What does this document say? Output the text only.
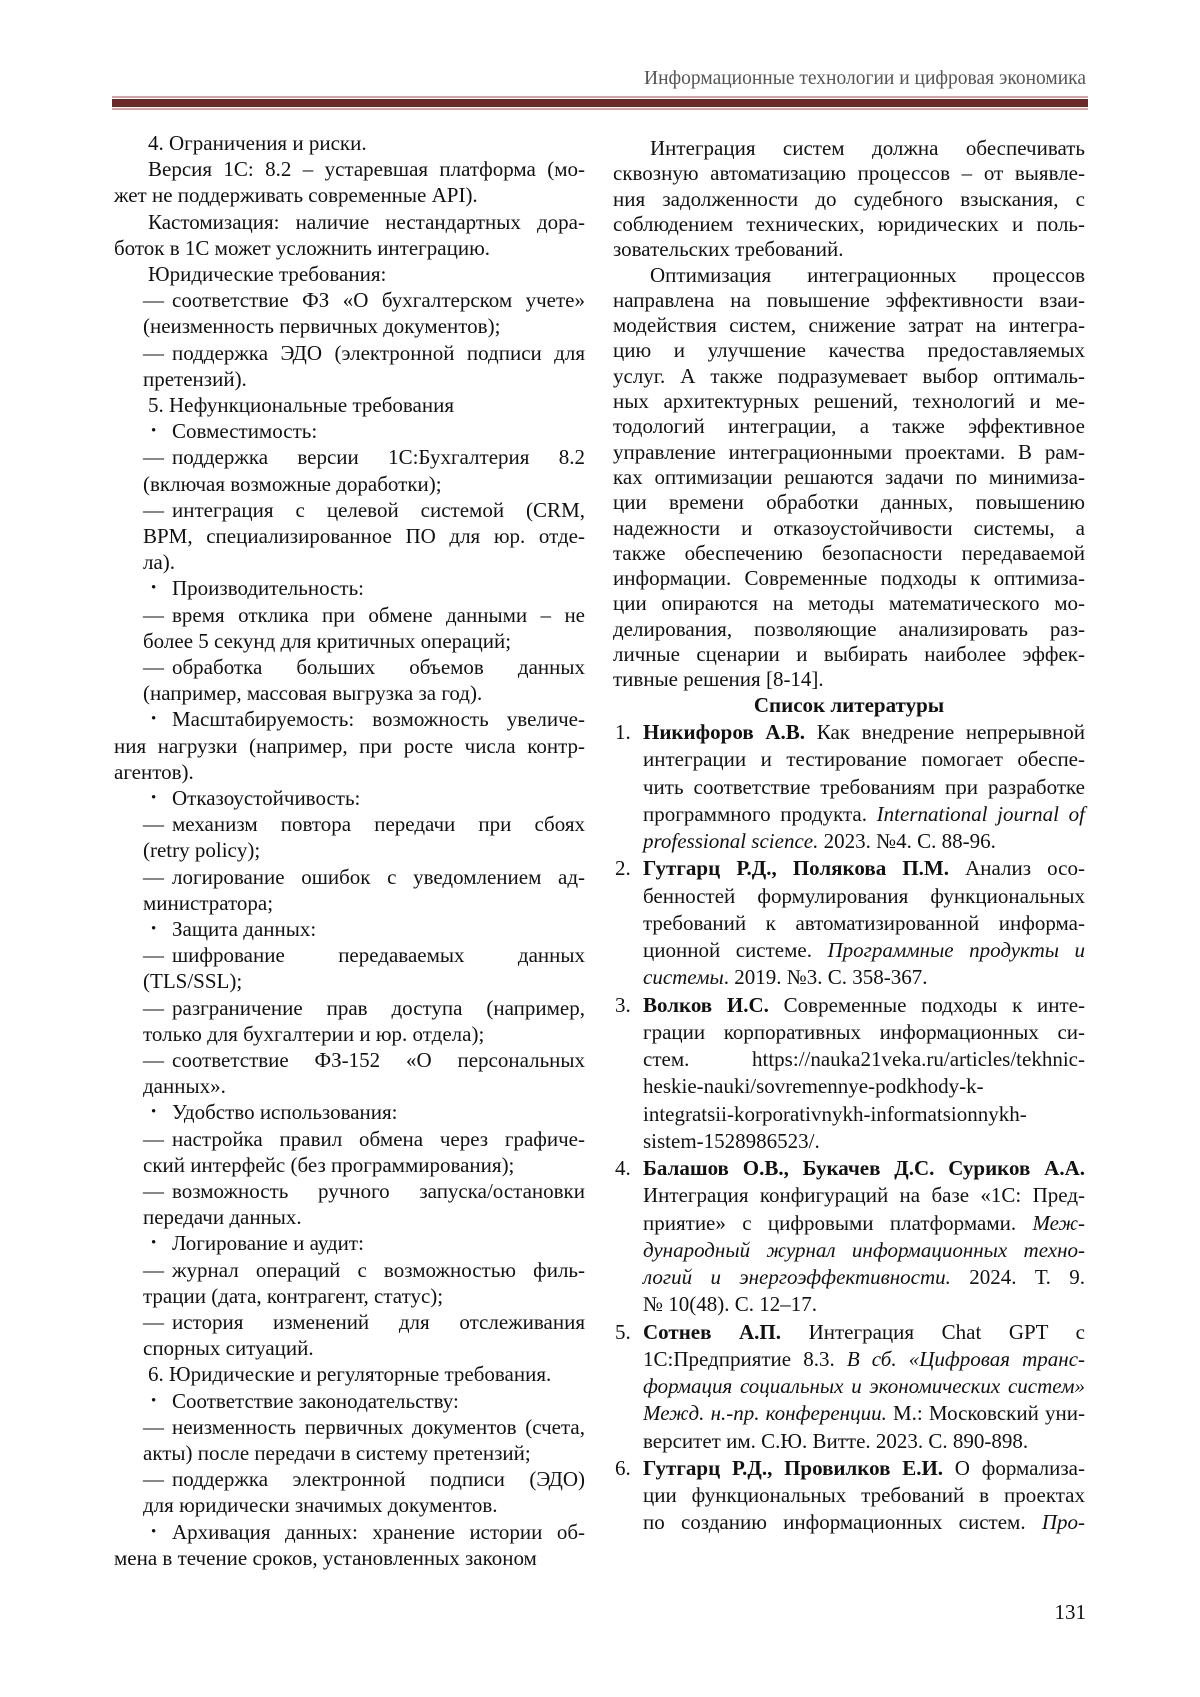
Информационные технологии и цифровая экономика
4. Ограничения и риски.
Версия 1С: 8.2 – устаревшая платформа (мо-
жет не поддерживать современные API).
Кастомизация: наличие нестандартных дора-
боток в 1С может усложнить интеграцию.
Юридические требования:
соответствие ФЗ «О бухгалтерском учете»
—
(неизменность первичных документов);
поддержка ЭДО (электронной подписи для
—
претензий).
5. Нефункциональные требования
Совместимость:
•
поддержка версии 1С:Бухгалтерия 8.2
—
(включая возможные доработки);
интеграция с целевой системой (CRM,
—
BPM, специализированное ПО для юр. отде-
ла).
Производительность:
•
время отклика при обмене данными – не
—
более 5 секунд для критичных операций;
обработка больших объемов данных
—
(например, массовая выгрузка за год).
Масштабируемость: возможность увеличе-
•
ния нагрузки (например, при росте числа контр-
агентов).
Отказоустойчивость:
•
механизм повтора передачи при сбоях
—
(retry policy);
логирование ошибок с уведомлением ад-
—
министратора;
Защита данных:
•
шифрование передаваемых данных
—
(TLS/SSL);
разграничение прав доступа (например,
—
только для бухгалтерии и юр. отдела);
соответствие ФЗ-152 «О персональных
—
данных».
Удобство использования:
•
настройка правил обмена через графиче-
—
ский интерфейс (без программирования);
возможность ручного запуска/остановки
—
передачи данных.
Логирование и аудит:
•
журнал операций с возможностью филь-
—
трации (дата, контрагент, статус);
история изменений для отслеживания
—
спорных ситуаций.
6. Юридические и регуляторные требования.
Соответствие законодательству:
•
неизменность первичных документов (счета,
—
акты) после передачи в систему претензий;
поддержка электронной подписи (ЭДО)
—
для юридически значимых документов.
Архивация данных: хранение истории об-
•
мена в течение сроков, установленных законом
Интеграция систем должна обеспечивать
сквозную автоматизацию процессов – от выявле-
ния задолженности до судебного взыскания, с
соблюдением технических, юридических и поль-
зовательских требований.
Оптимизация интеграционных процессов
направлена на повышение эффективности взаи-
модействия систем, снижение затрат на интегра-
цию и улучшение качества предоставляемых
услуг. А также подразумевает выбор оптималь-
ных архитектурных решений, технологий и ме-
тодологий интеграции, а также эффективное
управление интеграционными проектами. В рам-
ках оптимизации решаются задачи по минимиза-
ции времени обработки данных, повышению
надежности и отказоустойчивости системы, а
также обеспечению безопасности передаваемой
информации. Современные подходы к оптимиза-
ции опираются на методы математического мо-
делирования, позволяющие анализировать раз-
личные сценарии и выбирать наиболее эффек-
тивные решения [8-14].
Список литературы
1. Никифоров А.В. Как внедрение непрерывной
интеграции и тестирование помогает обеспе-
чить соответствие требованиям при разработке
программного продукта. International journal of
professional science. 2023. №4. С. 88-96.
2. Гутгарц Р.Д., Полякова П.М. Анализ осо-
бенностей формулирования функциональных
требований к автоматизированной информа-
ционной системе. Программные продукты и
системы. 2019. №3. С. 358-367.
3. Волков И.С. Современные подходы к инте-
грации корпоративных информационных си-
стем. https://nauka21veka.ru/articles/tekhnic-
heskie-nauki/sovremennye-podkhody-k-
integratsii-korporativnykh-informatsionnykh-
sistem-1528986523/.
4. Балашов О.В., Букачев Д.С. Суриков А.А.
Интеграция конфигураций на базе «1С: Пред-
приятие» с цифровыми платформами. Меж-
дународный журнал информационных техно-
логий и энергоэффективности. 2024. Т. 9.
№ 10(48). С. 12–17.
5. Сотнев А.П. Интеграция Chat GPT с
1С:Предприятие 8.3. В сб. «Цифровая транс-
формация социальных и экономических систем»
Межд. н.-пр. конференции. М.: Московский уни-
верситет им. С.Ю. Витте. 2023. С. 890-898.
6. Гутгарц Р.Д., Провилков Е.И. О формализа-
ции функциональных требований в проектах
по созданию информационных систем. Про-
131
